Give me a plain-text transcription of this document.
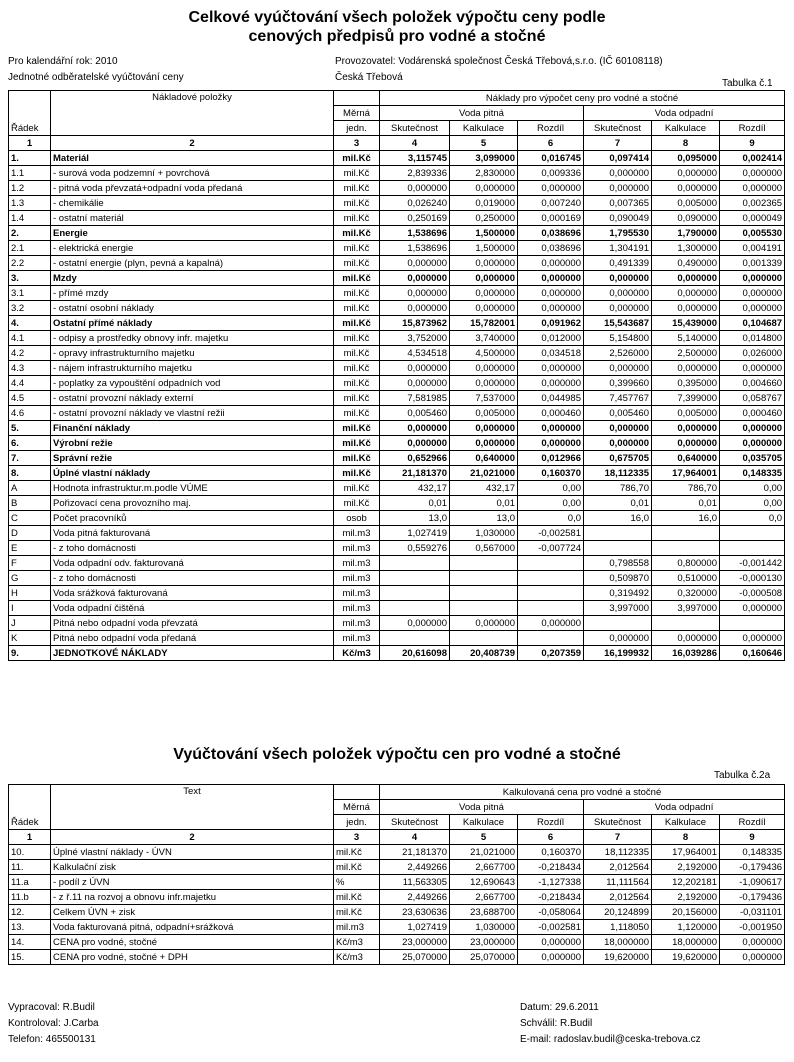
Celkové vyúčtování všech položek výpočtu ceny podle
cenových předpisů pro vodné a stočné
Pro kalendářní rok: 2010	Provozovatel: Vodárenská společnost Česká Třebová,s.r.o. (IČ 60108118)
Jednotné odběratelské vyúčtování ceny	Česká Třebová
Tabulka č.1
Řádek	Nákladové položky		Náklady pro výpočet ceny pro vodné a stočné					
		Měrná	Voda pitná			Voda odpadní		
		jedn.	Skutečnost	Kalkulace	Rozdíl	Skutečnost	Kalkulace	Rozdíl
1	2	3	4	5	6	7	8	9
1.	Materiál	mil.Kč	3,115745	3,099000	0,016745	0,097414	0,095000	0,002414
1.1	- surová voda podzemní + povrchová	mil.Kč	2,839336	2,830000	0,009336	0,000000	0,000000	0,000000
1.2	- pitná voda převzatá+odpadní voda předaná	mil.Kč	0,000000	0,000000	0,000000	0,000000	0,000000	0,000000
1.3	- chemikálie	mil.Kč	0,026240	0,019000	0,007240	0,007365	0,005000	0,002365
1.4	- ostatní materiál	mil.Kč	0,250169	0,250000	0,000169	0,090049	0,090000	0,000049
2.	Energie	mil.Kč	1,538696	1,500000	0,038696	1,795530	1,790000	0,005530
2.1	- elektrická energie	mil.Kč	1,538696	1,500000	0,038696	1,304191	1,300000	0,004191
2.2	- ostatní energie (plyn, pevná a kapalná)	mil.Kč	0,000000	0,000000	0,000000	0,491339	0,490000	0,001339
3.	Mzdy	mil.Kč	0,000000	0,000000	0,000000	0,000000	0,000000	0,000000
3.1	- přímé mzdy	mil.Kč	0,000000	0,000000	0,000000	0,000000	0,000000	0,000000
3.2	- ostatní osobní náklady	mil.Kč	0,000000	0,000000	0,000000	0,000000	0,000000	0,000000
4.	Ostatní přímé náklady	mil.Kč	15,873962	15,782001	0,091962	15,543687	15,439000	0,104687
4.1	- odpisy a prostředky obnovy infr. majetku	mil.Kč	3,752000	3,740000	0,012000	5,154800	5,140000	0,014800
4.2	- opravy infrastrukturního majetku	mil.Kč	4,534518	4,500000	0,034518	2,526000	2,500000	0,026000
4.3	- nájem infrastrukturního majetku	mil.Kč	0,000000	0,000000	0,000000	0,000000	0,000000	0,000000
4.4	- poplatky za vypouštění odpadních vod	mil.Kč	0,000000	0,000000	0,000000	0,399660	0,395000	0,004660
4.5	- ostatní provozní náklady externí	mil.Kč	7,581985	7,537000	0,044985	7,457767	7,399000	0,058767
4.6	- ostatní provozní náklady ve vlastní režii	mil.Kč	0,005460	0,005000	0,000460	0,005460	0,005000	0,000460
5.	Finanční náklady	mil.Kč	0,000000	0,000000	0,000000	0,000000	0,000000	0,000000
6.	Výrobní režie	mil.Kč	0,000000	0,000000	0,000000	0,000000	0,000000	0,000000
7.	Správní režie	mil.Kč	0,652966	0,640000	0,012966	0,675705	0,640000	0,035705
8.	Úplné vlastní náklady	mil.Kč	21,181370	21,021000	0,160370	18,112335	17,964001	0,148335
A	Hodnota infrastruktur.m.podle VÚME	mil.Kč	432,17	432,17	0,00	786,70	786,70	0,00
B	Pořizovací cena provozního maj.	mil.Kč	0,01	0,01	0,00	0,01	0,01	0,00
C	Počet pracovníků	osob	13,0	13,0	0,0	16,0	16,0	0,0
D	Voda pitná fakturovaná	mil.m3	1,027419	1,030000	-0,002581			
E	- z toho domácnosti	mil.m3	0,559276	0,567000	-0,007724			
F	Voda odpadní odv. fakturovaná	mil.m3				0,798558	0,800000	-0,001442
G	- z toho domácnosti	mil.m3				0,509870	0,510000	-0,000130
H	Voda srážková fakturovaná	mil.m3				0,319492	0,320000	-0,000508
I	Voda odpadní čištěná	mil.m3				3,997000	3,997000	0,000000
J	Pitná nebo odpadní voda převzatá	mil.m3	0,000000	0,000000	0,000000			
K	Pitná nebo odpadní voda předaná	mil.m3				0,000000	0,000000	0,000000
9.	JEDNOTKOVÉ NÁKLADY	Kč/m3	20,616098	20,408739	0,207359	16,199932	16,039286	0,160646
Vyúčtování všech položek výpočtu cen pro vodné a stočné
Tabulka č.2a
Řádek	Text		Kalkulovaná cena pro vodné a stočné					
		Měrná	Voda pitná			Voda odpadní		
		jedn.	Skutečnost	Kalkulace	Rozdíl	Skutečnost	Kalkulace	Rozdíl
1	2	3	4	5	6	7	8	9
10.	Úplné vlastní náklady - ÚVN	mil.Kč	21,181370	21,021000	0,160370	18,112335	17,964001	0,148335
11.	Kalkulační zisk	mil.Kč	2,449266	2,667700	-0,218434	2,012564	2,192000	-0,179436
11.a	- podíl z ÚVN	%	11,563305	12,690643	-1,127338	11,111564	12,202181	-1,090617
11.b	- z ř.11 na rozvoj a obnovu infr.majetku	mil.Kč	2,449266	2,667700	-0,218434	2,012564	2,192000	-0,179436
12.	Celkem ÚVN + zisk	mil.Kč	23,630636	23,688700	-0,058064	20,124899	20,156000	-0,031101
13.	Voda fakturovaná pitná, odpadní+srážková	mil.m3	1,027419	1,030000	-0,002581	1,118050	1,120000	-0,001950
14.	CENA pro vodné, stočné	Kč/m3	23,000000	23,000000	0,000000	18,000000	18,000000	0,000000
15.	CENA pro vodné, stočné + DPH	Kč/m3	25,070000	25,070000	0,000000	19,620000	19,620000	0,000000
Vypracoval: R.Budil
Kontroloval: J.Carba
Telefon: 465500131
Datum: 29.6.2011
Schválil: R.Budil
E-mail: radoslav.budil@ceska-trebova.cz
